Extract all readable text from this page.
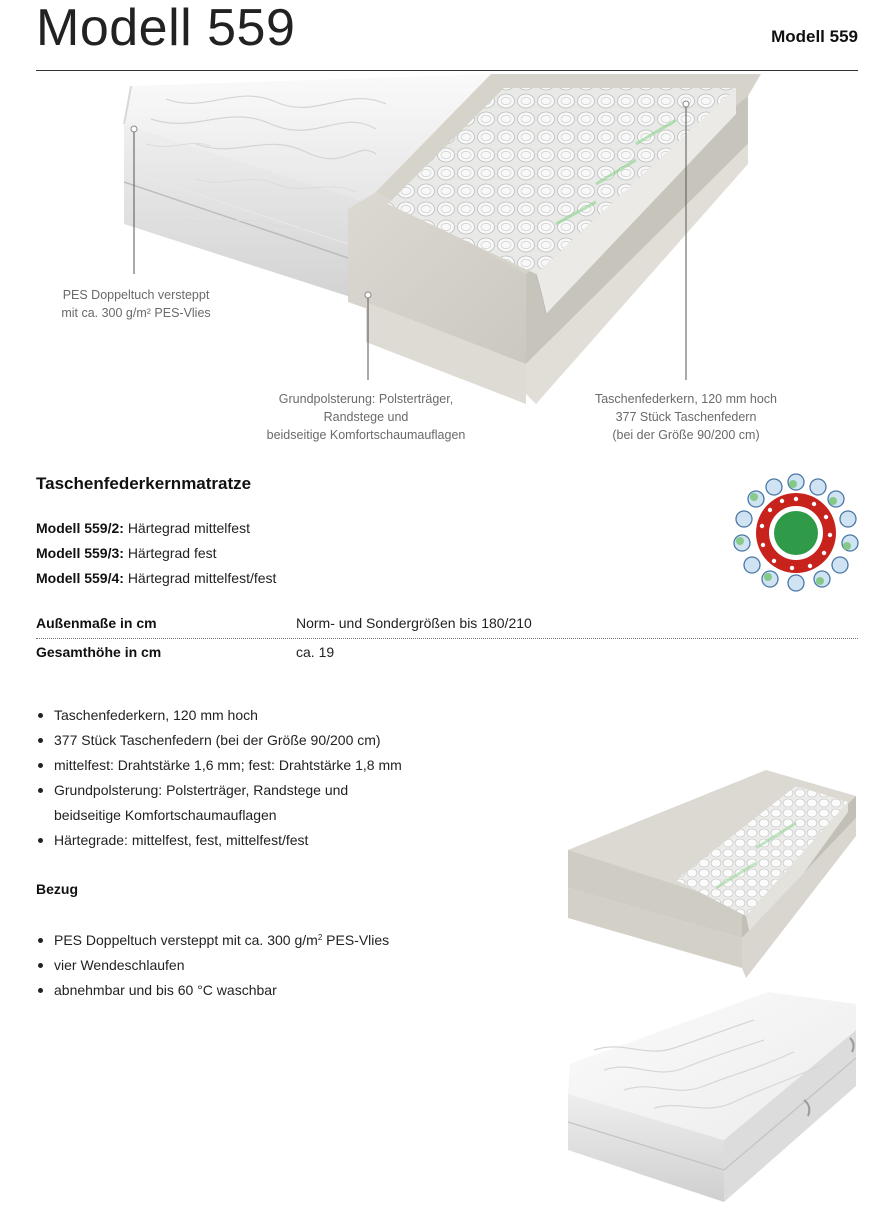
Modell 559	Modell 559
PES Doppeltuch versteppt
mit ca. 300 g/m² PES-Vlies
Grundpolsterung: Polsterträger,
Randstege und
beidseitige Komfortschaumauflagen
Taschenfederkern, 120 mm hoch
377 Stück Taschenfedern
(bei der Größe 90/200 cm)
Taschenfederkernmatratze
Modell 559/2: Härtegrad mittelfest
Modell 559/3: Härtegrad fest
Modell 559/4: Härtegrad mittelfest/fest
Außenmaße in cm	Norm- und Sondergrößen bis 180/210
Gesamthöhe in cm	ca. 19
Taschenfederkern, 120 mm hoch
377 Stück Taschenfedern (bei der Größe 90/200 cm)
mittelfest: Drahtstärke 1,6 mm; fest: Drahtstärke 1,8 mm
Grundpolsterung: Polsterträger, Randstege und
beidseitige Komfortschaumauflagen
Härtegrade: mittelfest, fest, mittelfest/fest
Bezug
PES Doppeltuch versteppt mit ca. 300 $g/m^2$ PES-Vlies
vier Wendeschlaufen
abnehmbar und bis 60 °C waschbar
